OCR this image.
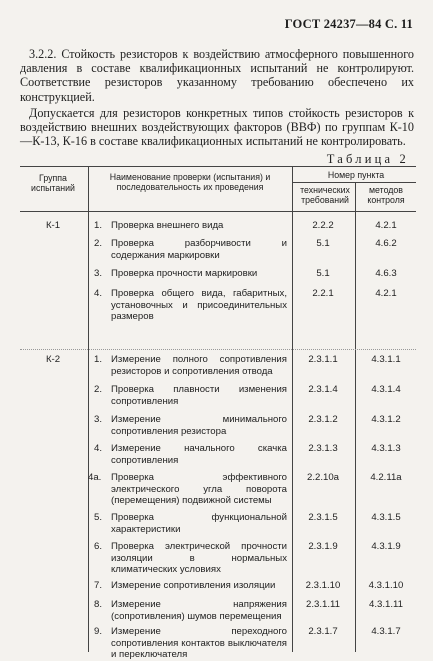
ГОСТ 24237—84 С. 11
3.2.2. Стойкость резисторов к воздействию атмосферного повышенного давления в составе квалификационных испытаний не контролируют. Соответствие резисторов указанному требованию обеспечено их конструкцией.
Допускается для резисторов конкретных типов стойкость резисторов к воздействию внешних воздействующих факторов (ВВФ) по группам К-10—К-13, К-16 в составе квалификационных испытаний не контролировать.
Таблица 2
Группа испытаний
Наименование проверки (испытания) и последовательность их проведения
Номер пункта
технических требований
методов контроля
К-1	1. Проверка внешнего вида	2.2.2	4.2.1
2. Проверка разборчивости и содержания маркировки
5.1	4.6.2
3. Проверка прочности маркировки	5.1	4.6.3
4. Проверка общего вида, габаритных, установочных и присоединительных размеров
2.2.1	4.2.1
К-2	1. Измерение полного сопротивления резисторов и сопротивления отвода
2.3.1.1	4.3.1.1
2. Проверка плавности изменения сопротивления
2.3.1.4	4.3.1.4
3. Измерение минимального сопротивления резистора
2.3.1.2	4.3.1.2
4. Измерение начального скачка сопротивления
2.3.1.3	4.3.1.3
4а. Проверка эффективного электрического угла поворота (перемещения) подвижной системы
2.2.10а	4.2.11а
5. Проверка функциональной характеристики
2.3.1.5	4.3.1.5
6. Проверка электрической прочности изоляции в нормальных климатических условиях
2.3.1.9	4.3.1.9
7. Измерение сопротивления изоляции	2.3.1.10	4.3.1.10
8. Измерение напряжения (сопротивления) шумов перемещения
2.3.1.11	4.3.1.11
9. Измерение переходного сопротивления контактов выключателя и переключателя
2.3.1.7	4.3.1.7
